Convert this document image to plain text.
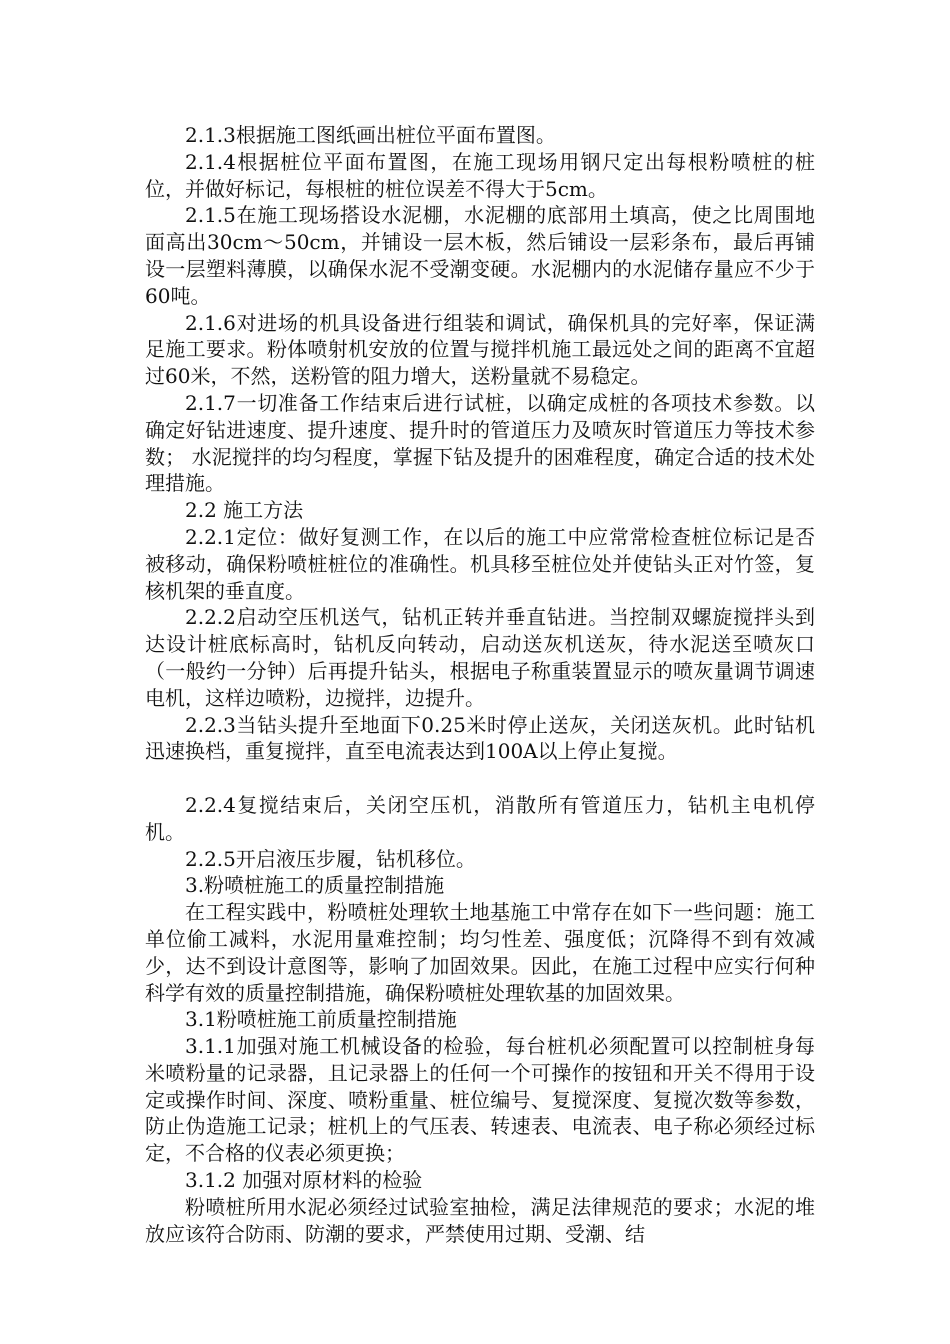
2.1.3根据施工图纸画出桩位平面布置图。

2.1.4根据桩位平面布置图，在施工现场用钢尺定出每根粉喷桩的桩位，并做好标记，每根桩的桩位误差不得大于5cm。

2.1.5在施工现场搭设水泥棚，水泥棚的底部用土填高，使之比周围地面高出30cm～50cm，并铺设一层木板，然后铺设一层彩条布，最后再铺设一层塑料薄膜，以确保水泥不受潮变硬。水泥棚内的水泥储存量应不少于60吨。

2.1.6对进场的机具设备进行组装和调试，确保机具的完好率，保证满足施工要求。粉体喷射机安放的位置与搅拌机施工最远处之间的距离不宜超过60米，不然，送粉管的阻力增大，送粉量就不易稳定。

2.1.7一切准备工作结束后进行试桩，以确定成桩的各项技术参数。以确定好钻进速度、提升速度、提升时的管道压力及喷灰时管道压力等技术参数； 水泥搅拌的均匀程度，掌握下钻及提升的困难程度，确定合适的技术处理措施。

2.2 施工方法

2.2.1定位：做好复测工作，在以后的施工中应常常检查桩位标记是否被移动，确保粉喷桩桩位的准确性。机具移至桩位处并使钻头正对竹签，复核机架的垂直度。

2.2.2启动空压机送气，钻机正转并垂直钻进。当控制双螺旋搅拌头到达设计桩底标高时，钻机反向转动，启动送灰机送灰，待水泥送至喷灰口（一般约一分钟）后再提升钻头，根据电子称重装置显示的喷灰量调节调速电机，这样边喷粉，边搅拌，边提升。

2.2.3当钻头提升至地面下0.25米时停止送灰，关闭送灰机。此时钻机迅速换档，重复搅拌，直至电流表达到100A以上停止复搅。

2.2.4复搅结束后，关闭空压机，消散所有管道压力，钻机主电机停机。

2.2.5开启液压步履，钻机移位。

3.粉喷桩施工的质量控制措施

在工程实践中，粉喷桩处理软土地基施工中常存在如下一些问题：施工单位偷工减料，水泥用量难控制；均匀性差、强度低；沉降得不到有效减少，达不到设计意图等，影响了加固效果。因此，在施工过程中应实行何种科学有效的质量控制措施，确保粉喷桩处理软基的加固效果。

3.1粉喷桩施工前质量控制措施

3.1.1加强对施工机械设备的检验，每台桩机必须配置可以控制桩身每米喷粉量的记录器，且记录器上的任何一个可操作的按钮和开关不得用于设定或操作时间、深度、喷粉重量、桩位编号、复搅深度、复搅次数等参数，防止伪造施工记录；桩机上的气压表、转速表、电流表、电子称必须经过标定，不合格的仪表必须更换；

3.1.2 加强对原材料的检验

粉喷桩所用水泥必须经过试验室抽检，满足法律规范的要求；水泥的堆放应该符合防雨、防潮的要求，严禁使用过期、受潮、结
